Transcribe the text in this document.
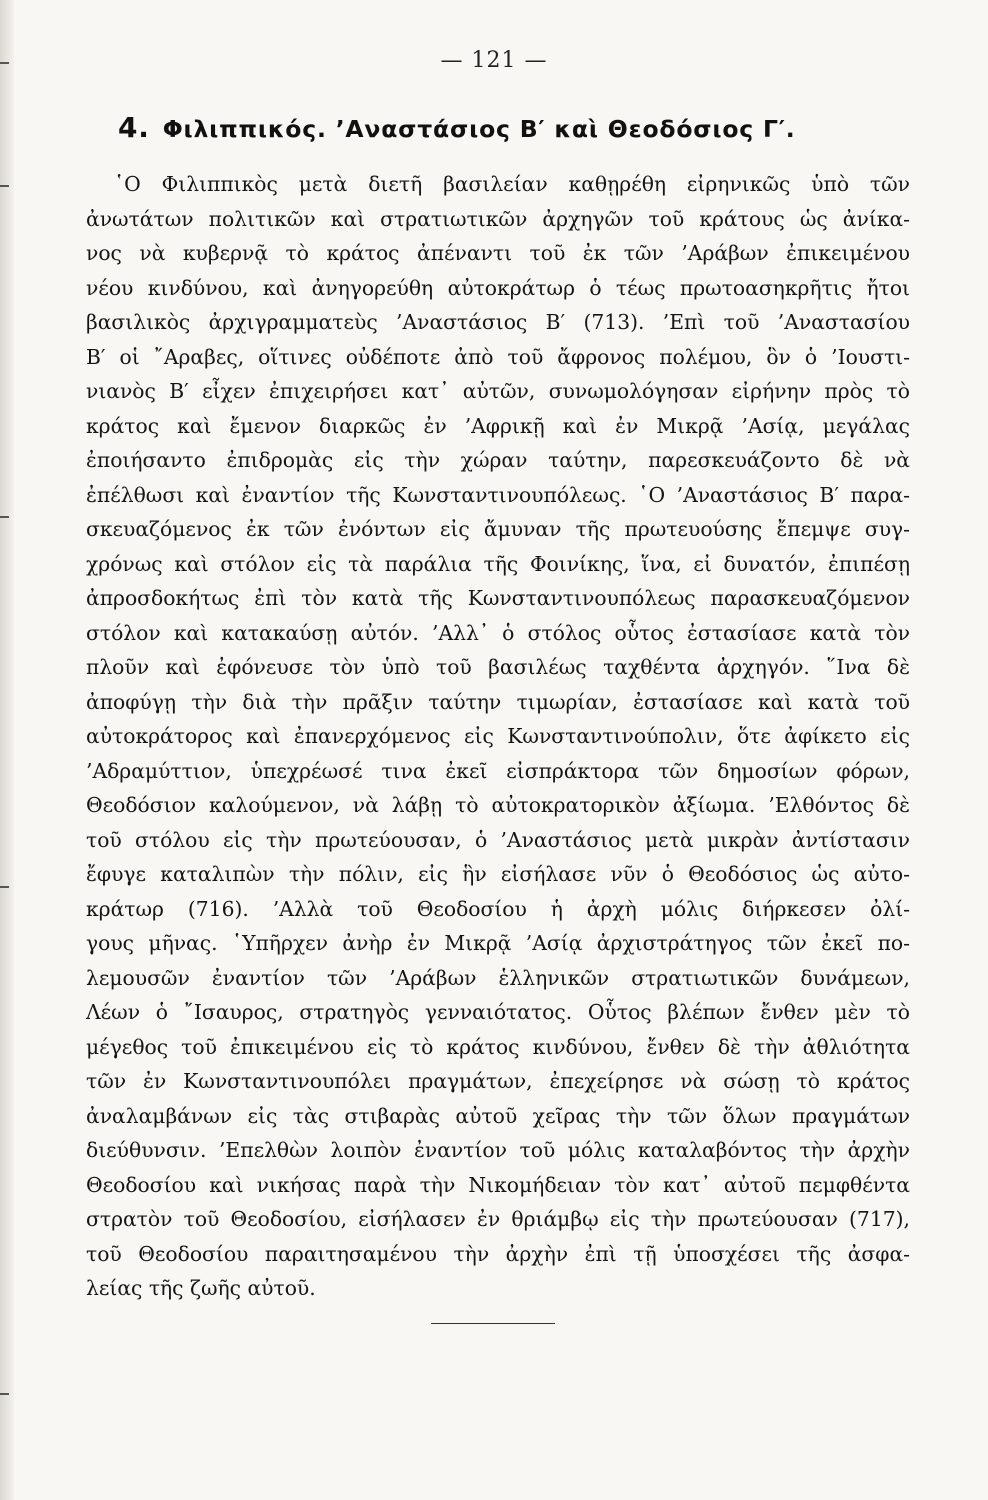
— 121 —
4. Φιλιππικός. ’Αναστάσιος Β′ καὶ Θεοδόσιος Γ′.
῾Ο Φιλιππικὸς μετὰ διετῆ βασιλείαν καθῃρέθη εἰρηνικῶς ὑπὸ τῶν
ἀνωτάτων πολιτικῶν καὶ στρατιωτικῶν ἀρχηγῶν τοῦ κράτους ὡς ἀνίκα-
νος νὰ κυβερνᾷ τὸ κράτος ἀπέναντι τοῦ ἐκ τῶν ’Αράβων ἐπικειμένου
νέου κινδύνου, καὶ ἀνηγορεύθη αὐτοκράτωρ ὁ τέως πρωτοασηκρῆτις ἤτοι
βασιλικὸς ἀρχιγραμματεὺς ’Αναστάσιος Β′ (713). ’Επὶ τοῦ ’Αναστασίου
Β′ οἱ ῎Αραβες, οἵτινες οὐδέποτε ἀπὸ τοῦ ἄφρονος πολέμου, ὃν ὁ ’Ιουστι-
νιανὸς Β′ εἶχεν ἐπιχειρήσει κατ᾽ αὐτῶν, συνωμολόγησαν εἰρήνην πρὸς τὸ
κράτος καὶ ἔμενον διαρκῶς ἐν ’Αφρικῇ καὶ ἐν Μικρᾷ ’Ασίᾳ, μεγάλας
ἐποιήσαντο ἐπιδρομὰς εἰς τὴν χώραν ταύτην, παρεσκευάζοντο δὲ νὰ
ἐπέλθωσι καὶ ἐναντίον τῆς Κωνσταντινουπόλεως. ῾Ο ’Αναστάσιος Β′ παρα-
σκευαζόμενος ἐκ τῶν ἐνόντων εἰς ἄμυναν τῆς πρωτευούσης ἔπεμψε συγ-
χρόνως καὶ στόλον εἰς τὰ παράλια τῆς Φοινίκης, ἵνα, εἰ δυνατόν, ἐπιπέσῃ
ἀπροσδοκήτως ἐπὶ τὸν κατὰ τῆς Κωνσταντινουπόλεως παρασκευαζόμενον
στόλον καὶ κατακαύσῃ αὐτόν. ’Αλλ᾽ ὁ στόλος οὗτος ἐστασίασε κατὰ τὸν
πλοῦν καὶ ἐφόνευσε τὸν ὑπὸ τοῦ βασιλέως ταχθέντα ἀρχηγόν. ῞Ινα δὲ
ἀποφύγῃ τὴν διὰ τὴν πρᾶξιν ταύτην τιμωρίαν, ἐστασίασε καὶ κατὰ τοῦ
αὐτοκράτορος καὶ ἐπανερχόμενος εἰς Κωνσταντινούπολιν, ὅτε ἀφίκετο εἰς
’Αδραμύττιον, ὑπεχρέωσέ τινα ἐκεῖ εἰσπράκτορα τῶν δημοσίων φόρων,
Θεοδόσιον καλούμενον, νὰ λάβῃ τὸ αὐτοκρατορικὸν ἀξίωμα. ’Ελθόντος δὲ
τοῦ στόλου εἰς τὴν πρωτεύουσαν, ὁ ’Αναστάσιος μετὰ μικρὰν ἀντίστασιν
ἔφυγε καταλιπὼν τὴν πόλιν, εἰς ἣν εἰσήλασε νῦν ὁ Θεοδόσιος ὡς αὐτο-
κράτωρ (716). ’Αλλὰ τοῦ Θεοδοσίου ἡ ἀρχὴ μόλις διήρκεσεν ὀλί-
γους μῆνας. ῾Υπῆρχεν ἀνὴρ ἐν Μικρᾷ ’Ασίᾳ ἀρχιστράτηγος τῶν ἐκεῖ πο-
λεμουσῶν ἐναντίον τῶν ’Αράβων ἑλληνικῶν στρατιωτικῶν δυνάμεων,
Λέων ὁ ῎Ισαυρος, στρατηγὸς γενναιότατος. Οὗτος βλέπων ἔνθεν μὲν τὸ
μέγεθος τοῦ ἐπικειμένου εἰς τὸ κράτος κινδύνου, ἔνθεν δὲ τὴν ἀθλιότητα
τῶν ἐν Κωνσταντινουπόλει πραγμάτων, ἐπεχείρησε νὰ σώσῃ τὸ κράτος
ἀναλαμβάνων εἰς τὰς στιβαρὰς αὐτοῦ χεῖρας τὴν τῶν ὅλων πραγμάτων
διεύθυνσιν. ’Επελθὼν λοιπὸν ἐναντίον τοῦ μόλις καταλαβόντος τὴν ἀρχὴν
Θεοδοσίου καὶ νικήσας παρὰ τὴν Νικομήδειαν τὸν κατ᾽ αὐτοῦ πεμφθέντα
στρατὸν τοῦ Θεοδοσίου, εἰσήλασεν ἐν θριάμβῳ εἰς τὴν πρωτεύουσαν (717),
τοῦ Θεοδοσίου παραιτησαμένου τὴν ἀρχὴν ἐπὶ τῇ ὑποσχέσει τῆς ἀσφα-
λείας τῆς ζωῆς αὐτοῦ.
